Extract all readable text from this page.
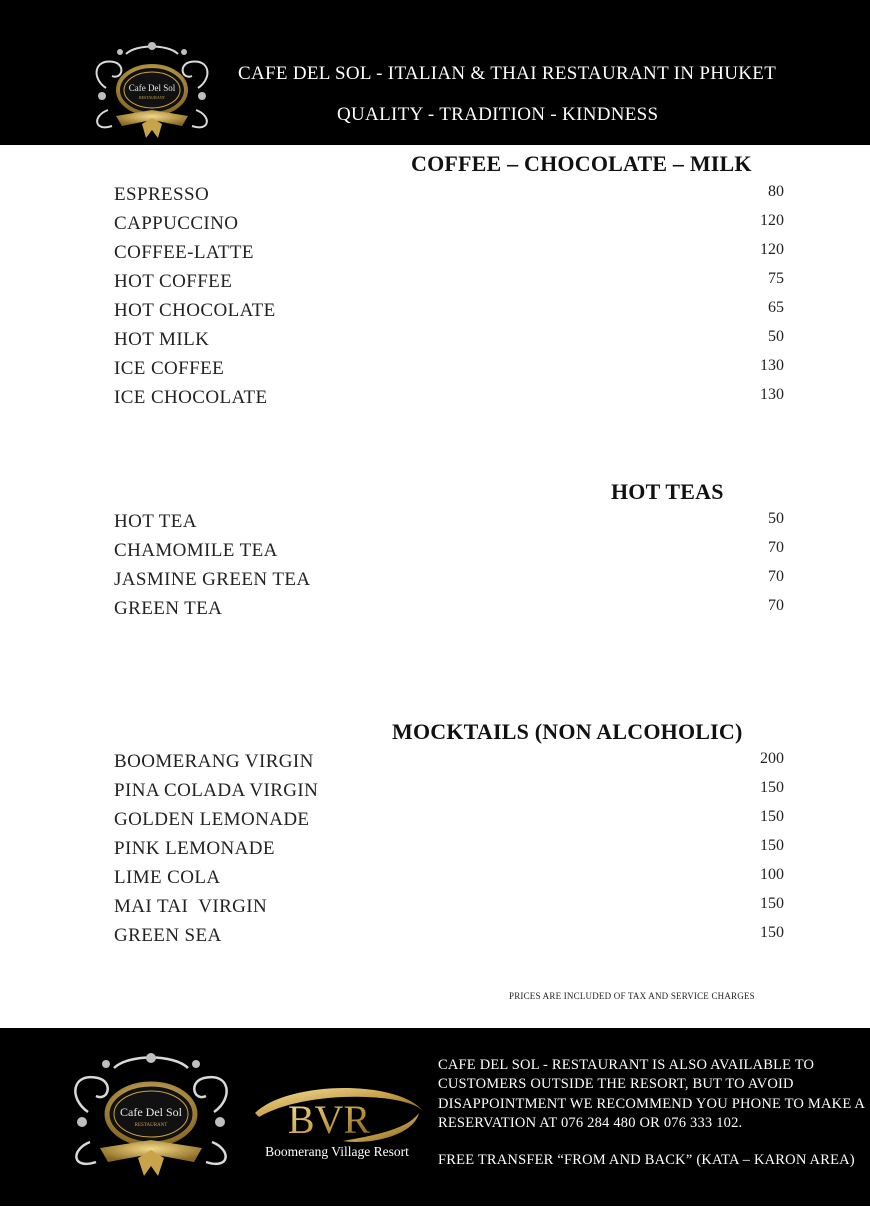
Cafe Del Sol
RESTAURANT
CAFE DEL SOL - ITALIAN & THAI RESTAURANT IN PHUKET
QUALITY - TRADITION - KINDNESS
COFFEE – CHOCOLATE – MILK
ESPRESSO	80
CAPPUCCINO	120
COFFEE-LATTE	120
HOT COFFEE	75
HOT CHOCOLATE	65
HOT MILK	50
ICE COFFEE	130
ICE CHOCOLATE	130
HOT TEAS
HOT TEA	50
CHAMOMILE TEA	70
JASMINE GREEN TEA	70
GREEN TEA	70
MOCKTAILS (NON ALCOHOLIC)
BOOMERANG VIRGIN	200
PINA COLADA VIRGIN	150
GOLDEN LEMONADE	150
PINK LEMONADE	150
LIME COLA	100
MAI TAI  VIRGIN	150
GREEN SEA	150
PRICES ARE INCLUDED OF TAX AND SERVICE CHARGES
Cafe Del Sol
RESTAURANT	BVR
Boomerang Village Resort
CAFE DEL SOL - RESTAURANT IS ALSO AVAILABLE TO CUSTOMERS OUTSIDE THE RESORT, BUT TO AVOID DISAPPOINTMENT WE RECOMMEND YOU PHONE TO MAKE A RESERVATION AT 076 284 480 OR 076 333 102.
FREE TRANSFER “FROM AND BACK” (KATA – KARON AREA)
